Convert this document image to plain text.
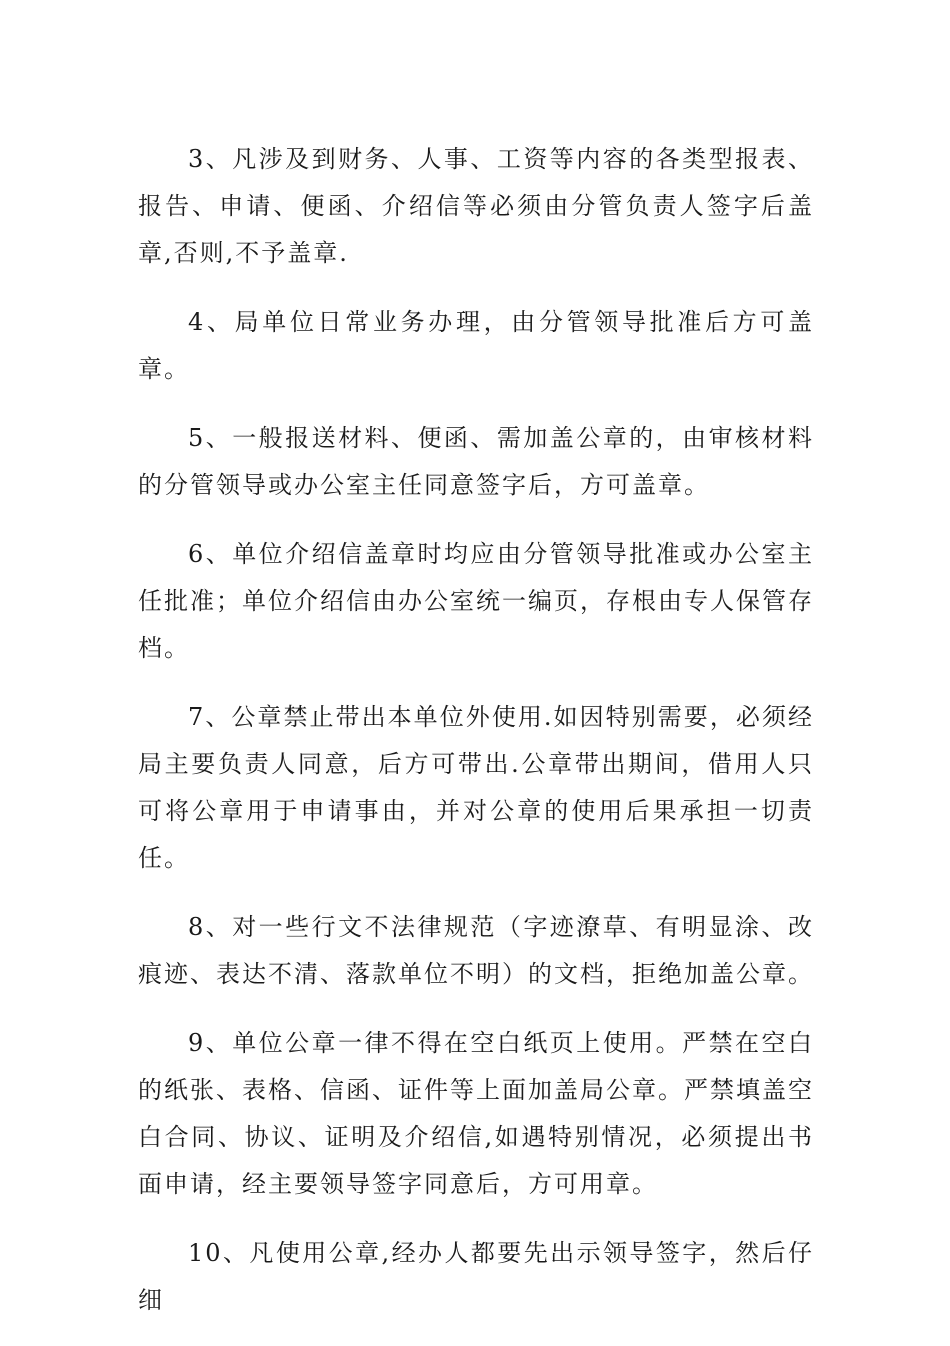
3、凡涉及到财务、人事、工资等内容的各类型报表、报告、申请、便函、介绍信等必须由分管负责人签字后盖章,否则,不予盖章.

4、局单位日常业务办理，由分管领导批准后方可盖章。

5、一般报送材料、便函、需加盖公章的，由审核材料的分管领导或办公室主任同意签字后，方可盖章。

6、单位介绍信盖章时均应由分管领导批准或办公室主任批准；单位介绍信由办公室统一编页，存根由专人保管存档。

7、公章禁止带出本单位外使用.如因特别需要，必须经局主要负责人同意，后方可带出.公章带出期间，借用人只可将公章用于申请事由，并对公章的使用后果承担一切责任。

8、对一些行文不法律规范（字迹潦草、有明显涂、改痕迹、表达不清、落款单位不明）的文档，拒绝加盖公章。

9、单位公章一律不得在空白纸页上使用。严禁在空白的纸张、表格、信函、证件等上面加盖局公章。严禁填盖空白合同、协议、证明及介绍信,如遇特别情况，必须提出书面申请，经主要领导签字同意后，方可用章。

10、凡使用公章,经办人都要先出示领导签字，然后仔细
